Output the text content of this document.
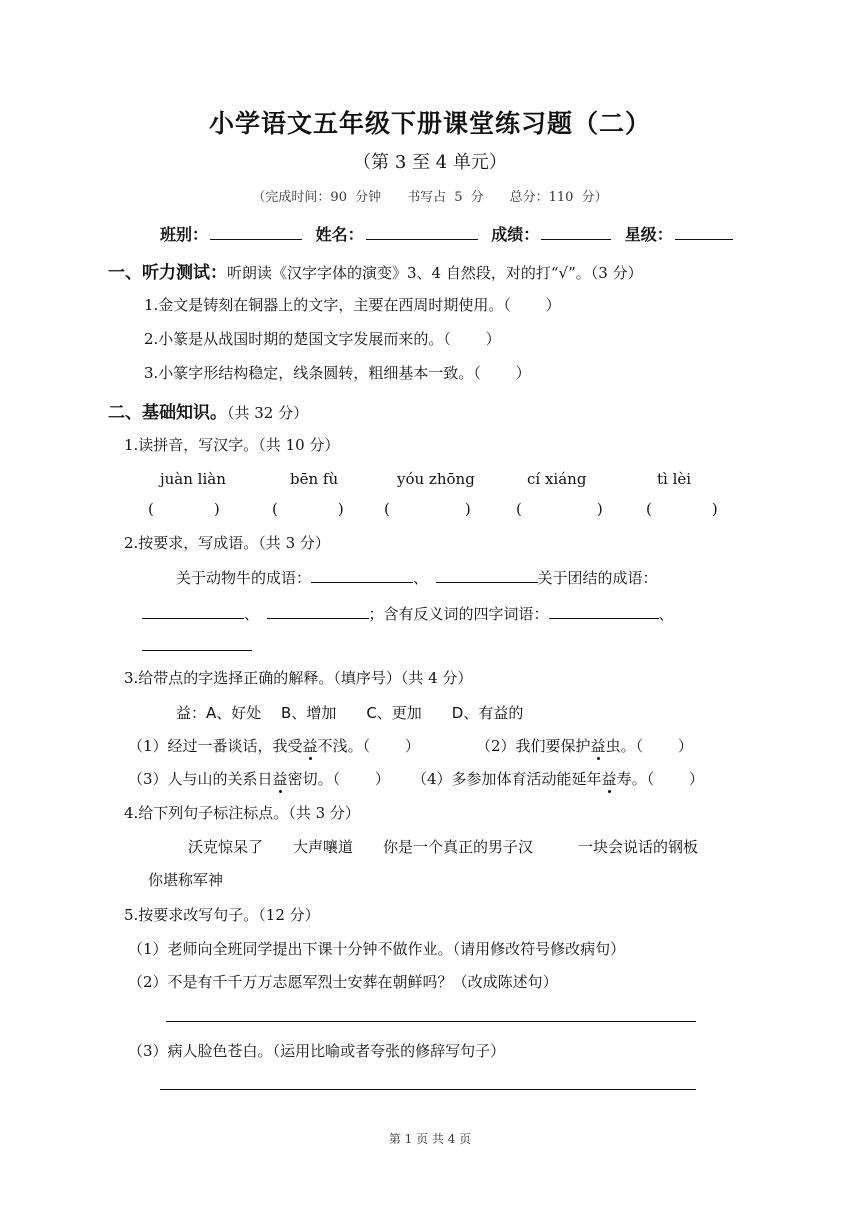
小学语文五年级下册课堂练习题（二）
（第 3 至 4 单元）
（完成时间：90 分钟　　书写占 5 分　　总分：110 分）
班别：	姓名：	成绩：	星级：
一、听力测试：听朗读《汉字字体的演变》3、4 自然段，对的打“√”。（3 分）
1.金文是铸刻在铜器上的文字，主要在西周时期使用。（　　 ）
2.小篆是从战国时期的楚国文字发展而来的。（　　 ）
3.小篆字形结构稳定，线条圆转，粗细基本一致。（　　 ）
二、基础知识。（共 32 分）
1.读拼音，写汉字。（共 10 分）
juàn liàn	bēn fù	yóu zhōng	cí xiáng	tì lèi
(　　　　)	(　　　　)	(　　　　　)	(　　　　　)	(　　　　)
2.按要求，写成语。（共 3 分）
关于动物牛的成语：	、　	关于团结的成语：
、　	；含有反义词的四字词语：	、
3.给带点的字选择正确的解释。（填序号）（共 4 分）
益：A、好处　 B、增加　　C、更加　　D、有益的
（1）经过一番谈话，我受益不浅。（　　 ）	（2）我们要保护益虫。（　　 ）
（3）人与山的关系日益密切。（　　 ） （4）多参加体育活动能延年益寿。（　　 ）
4.给下列句子标注标点。（共 3 分）
沃克惊呆了　　大声嚷道　　你是一个真正的男子汉　　　一块会说话的钢板
你堪称军神
5.按要求改写句子。（12 分）
（1）老师向全班同学提出下课十分钟不做作业。（请用修改符号修改病句）
（2）不是有千千万万志愿军烈士安葬在朝鲜吗？（改成陈述句）
（3）病人脸色苍白。（运用比喻或者夸张的修辞写句子）
第 1 页 共 4 页
